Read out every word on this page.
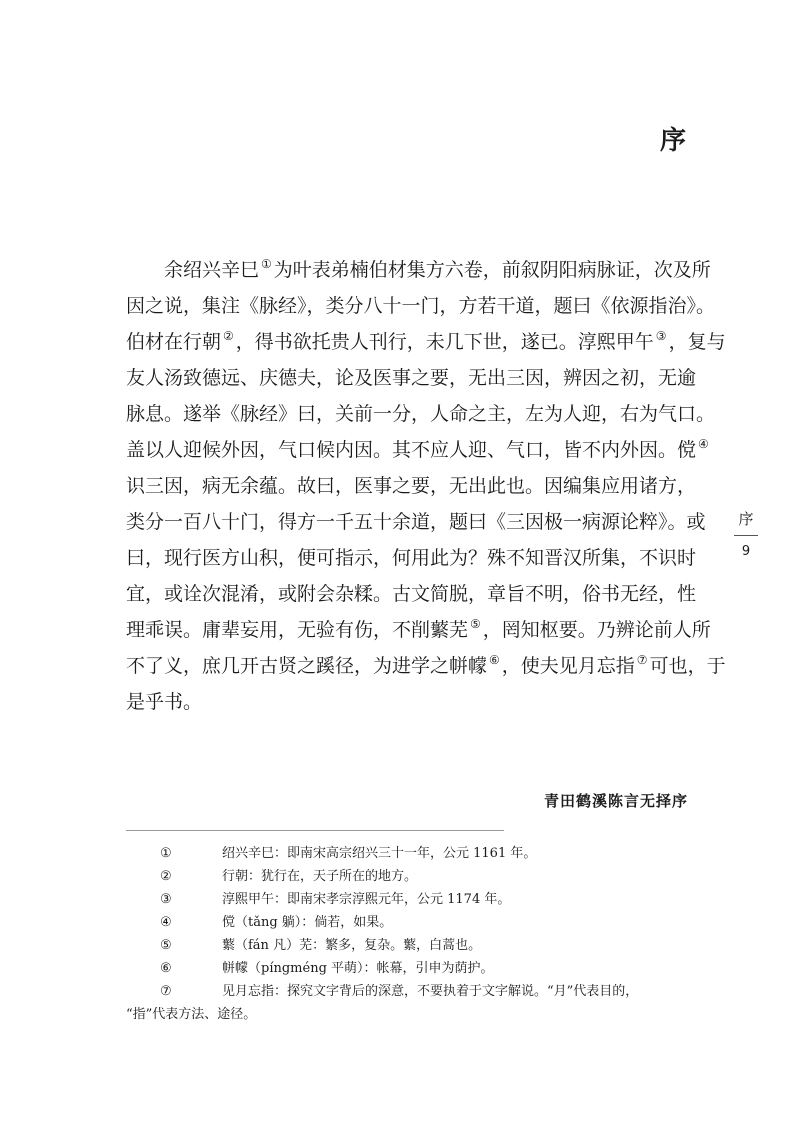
序
余绍兴辛巳 ① 为叶表弟楠伯材集方六卷，前叙阴阳病脉证，次及所
因之说，集注《脉经》，类分八十一门，方若干道，题曰《依源指治》。
伯材在行朝 ② ，得书欲托贵人刊行，未几下世，遂已。淳熙甲午 ③ ，复与
友人汤致德远、庆德夫，论及医事之要，无出三因，辨因之初，无逾
脉息。遂举《脉经》曰，关前一分，人命之主，左为人迎，右为气口。
盖以人迎候外因，气口候内因。其不应人迎、气口，皆不内外因。傥 ④
识三因，病无余蕴。故曰，医事之要，无出此也。因编集应用诸方，
类分一百八十门，得方一千五十余道，题曰《三因极一病源论粹》。或
曰，现行医方山积，便可指示，何用此为？殊不知晋汉所集，不识时
宜，或诠次混淆，或附会杂糅。古文简脱，章旨不明，俗书无经，性
理乖误。庸辈妄用，无验有伤，不削蘩芜 ⑤ ，罔知枢要。乃辨论前人所
不了义，庶几开古贤之蹊径，为进学之帡幪 ⑥ ，使夫见月忘指 ⑦ 可也，于
是乎书。
序
9
青田鹤溪陈言无择序
①	绍兴辛巳：即南宋高宗绍兴三十一年，公元 1161 年。
②	行朝：犹行在，天子所在的地方。
③	淳熙甲午：即南宋孝宗淳熙元年，公元 1174 年。
④	傥（tǎng 躺）：倘若，如果。
⑤	蘩（fán 凡）芜：繁多，复杂。蘩，白蒿也。
⑥	帡幪（píngméng 平萌）：帐幕，引申为荫护。
⑦	见月忘指：探究文字背后的深意，不要执着于文字解说。“月”代表目的，
“指”代表方法、途径。
